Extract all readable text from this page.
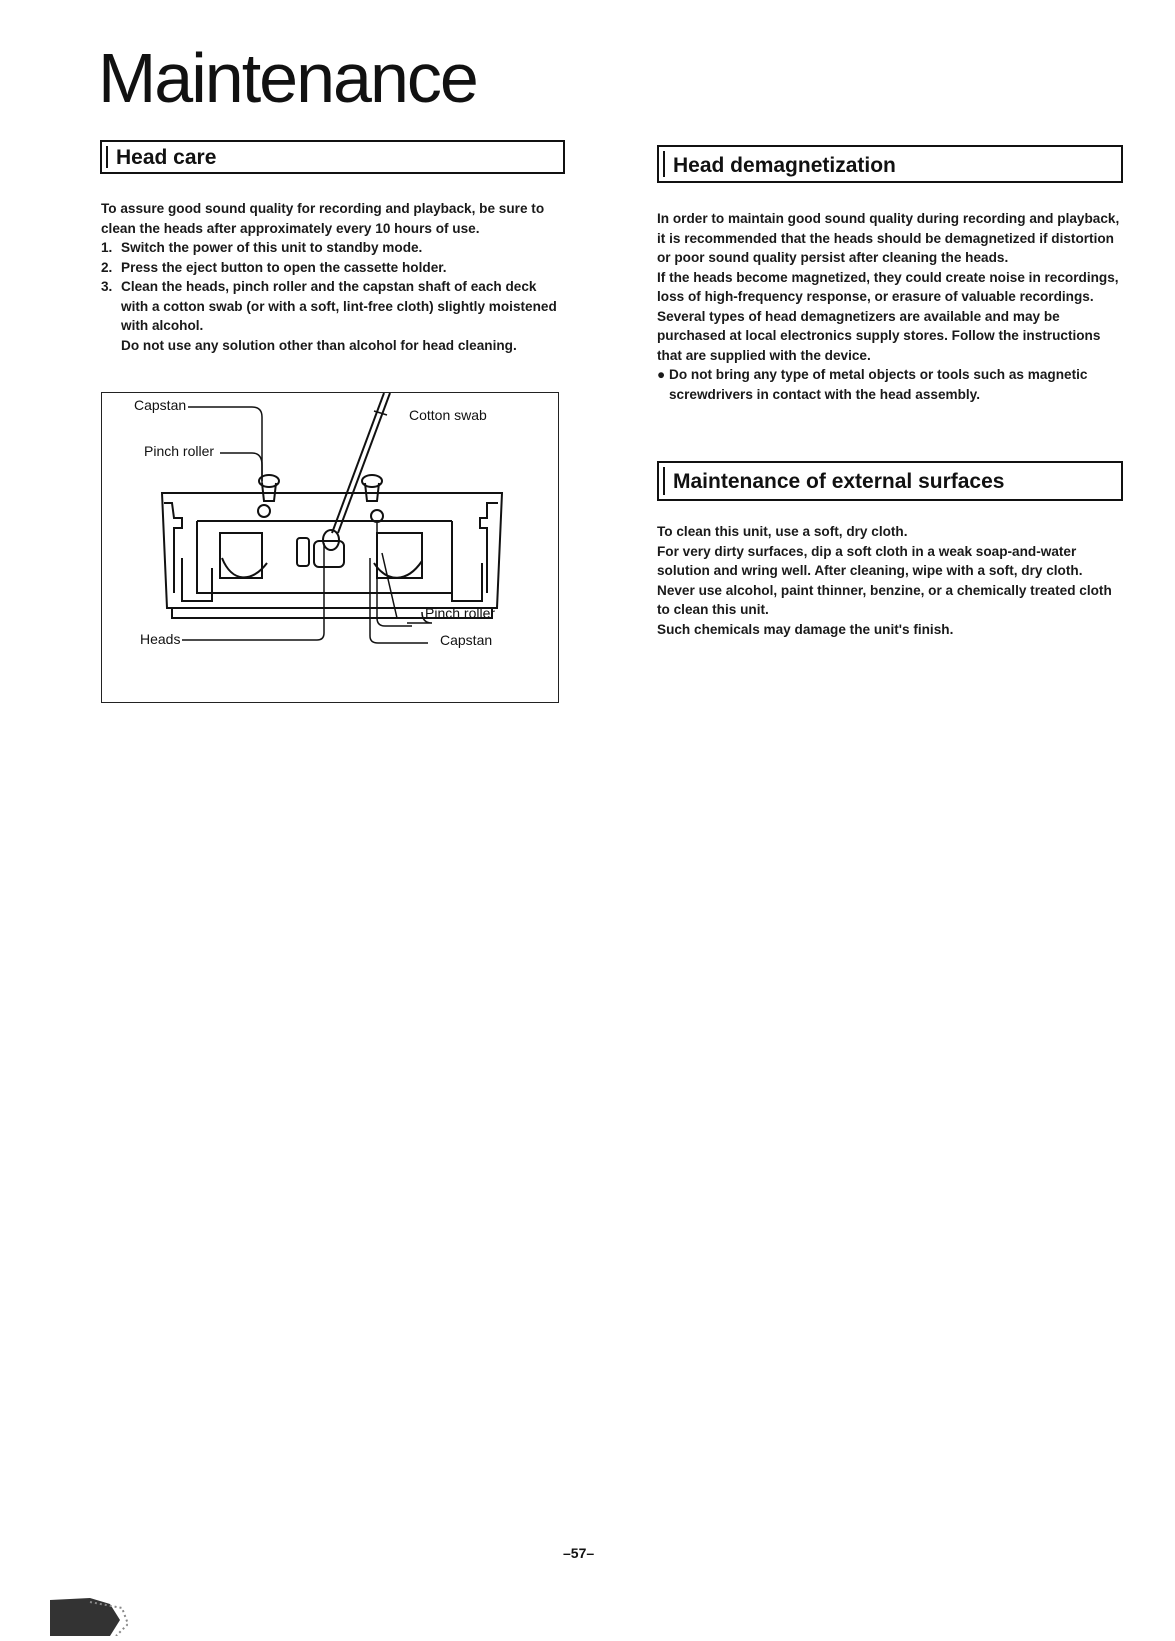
Maintenance
Head care

To assure good sound quality for recording and playback, be sure to clean the heads after approximately every 10 hours of use.

1. Switch the power of this unit to standby mode.
2. Press the eject button to open the cassette holder.
3. Clean the heads, pinch roller and the capstan shaft of each deck with a cotton swab (or with a soft, lint-free cloth) slightly moistened with alcohol.

Do not use any solution other than alcohol for head cleaning.

Capstan
Pinch roller
Cotton swab
Heads
Pinch roller
Capstan
Head demagnetization

In order to maintain good sound quality during recording and playback, it is recommended that the heads should be demagnetized if distortion or poor sound quality persist after cleaning the heads.

If the heads become magnetized, they could create noise in recordings, loss of high-frequency response, or erasure of valuable recordings. Several types of head demagnetizers are available and may be purchased at local electronics supply stores. Follow the instructions that are supplied with the device.

● Do not bring any type of metal objects or tools such as magnetic screwdrivers in contact with the head assembly.

Maintenance of external surfaces

To clean this unit, use a soft, dry cloth.

For very dirty surfaces, dip a soft cloth in a weak soap-and-water solution and wring well. After cleaning, wipe with a soft, dry cloth.

Never use alcohol, paint thinner, benzine, or a chemically treated cloth to clean this unit.

Such chemicals may damage the unit's finish.

–57–
